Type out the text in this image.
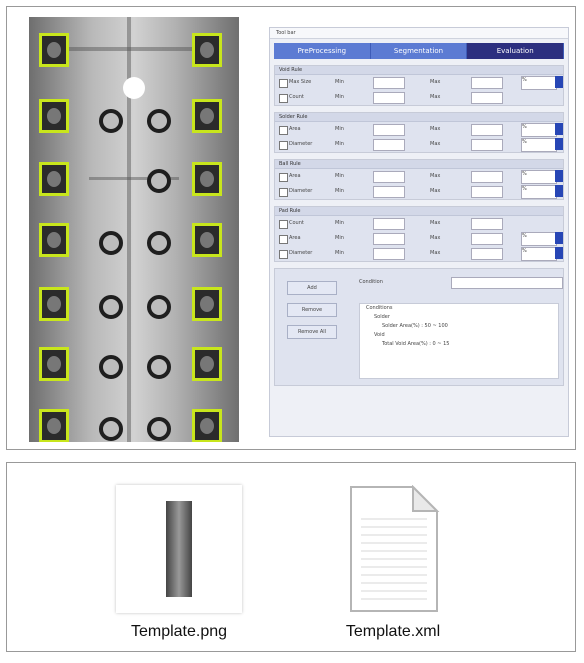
Tool bar
PreProcessing	Segmentation	Evaluation
Void Rule
Max Size	Min	Max	%
Count	Min	Max
Solder Rule
Area	Min	Max	%
Diameter	Min	Max	%
Ball Rule
Area	Min	Max	%
Diameter	Min	Max	%
Pad Rule
Count	Min	Max
Area	Min	Max	%
Diameter	Min	Max	%
Add
Remove
Remove All
Condition
Conditions
Solder
Solder Area(%) : 50 ~ 100
Void
Total Void Area(%) : 0 ~ 15
Template.png	Template.xml
